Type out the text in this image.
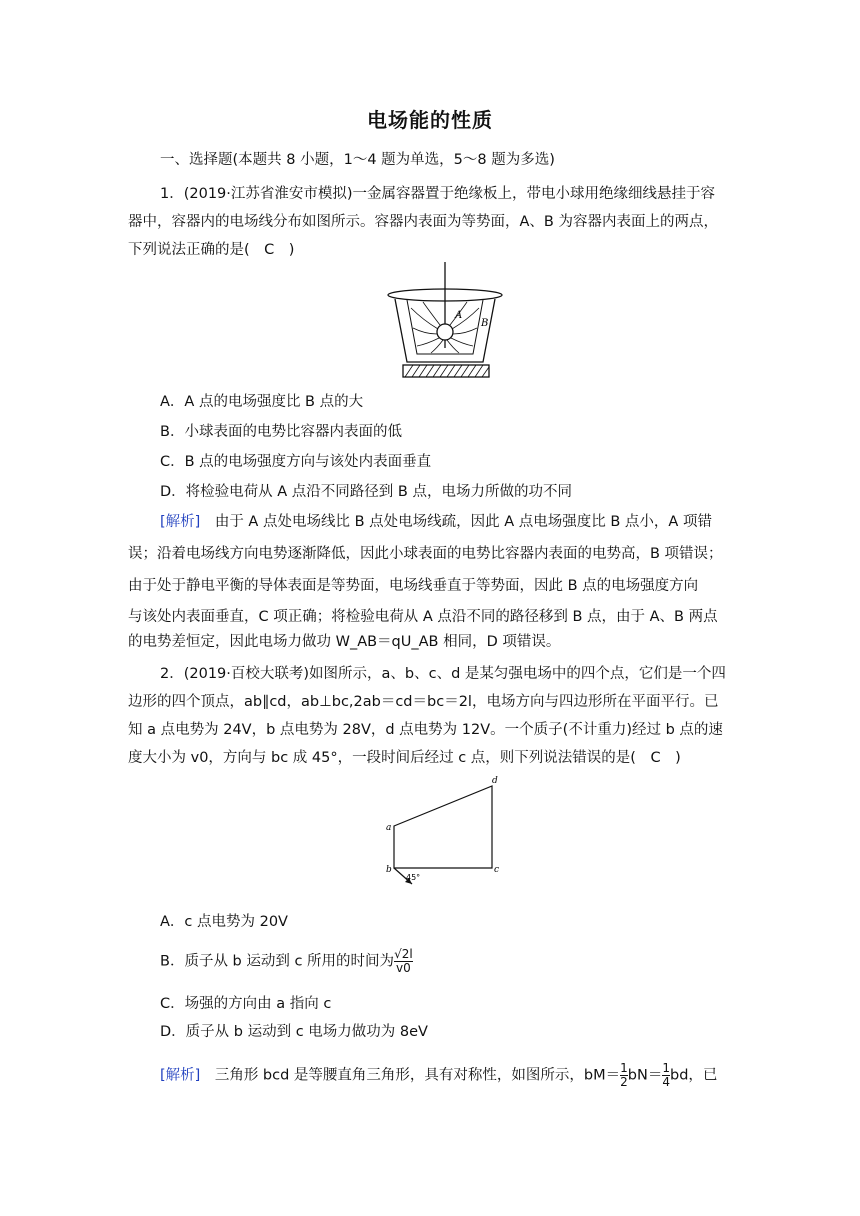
电场能的性质
一、选择题(本题共 8 小题，1～4 题为单选，5～8 题为多选)
1．(2019·江苏省淮安市模拟)一金属容器置于绝缘板上，带电小球用绝缘细线悬挂于容
器中，容器内的电场线分布如图所示。容器内表面为等势面，A、B 为容器内表面上的两点，
下列说法正确的是(　C　)
A
B
A．A 点的电场强度比 B 点的大
B．小球表面的电势比容器内表面的低
C．B 点的电场强度方向与该处内表面垂直
D．将检验电荷从 A 点沿不同路径到 B 点，电场力所做的功不同
[解析]　由于 A 点处电场线比 B 点处电场线疏，因此 A 点电场强度比 B 点小，A 项错
误；沿着电场线方向电势逐渐降低，因此小球表面的电势比容器内表面的电势高，B 项错误；
由于处于静电平衡的导体表面是等势面，电场线垂直于等势面，因此 B 点的电场强度方向
与该处内表面垂直，C 项正确；将检验电荷从 A 点沿不同的路径移到 B 点，由于 A、B 两点
的电势差恒定，因此电场力做功 W_AB＝qU_AB 相同，D 项错误。
2．(2019·百校大联考)如图所示，a、b、c、d 是某匀强电场中的四个点，它们是一个四
边形的四个顶点，ab∥cd，ab⊥bc,2ab＝cd＝bc＝2l，电场方向与四边形所在平面平行。已
知 a 点电势为 24V，b 点电势为 28V，d 点电势为 12V。一个质子(不计重力)经过 b 点的速
度大小为 v0，方向与 bc 成 45°，一段时间后经过 c 点，则下列说法错误的是(　C　)
a
b	c
d
45°
A．c 点电势为 20V
B．质子从 b 运动到 c 所用的时间为 $\frac{√2l}{v0}$
C．场强的方向由 a 指向 c
D．质子从 b 运动到 c 电场力做功为 8eV
[解析]　三角形 bcd 是等腰直角三角形，具有对称性，如图所示，$bM= \frac{1}{2} bN= \frac{1}{4}$ bd，已
